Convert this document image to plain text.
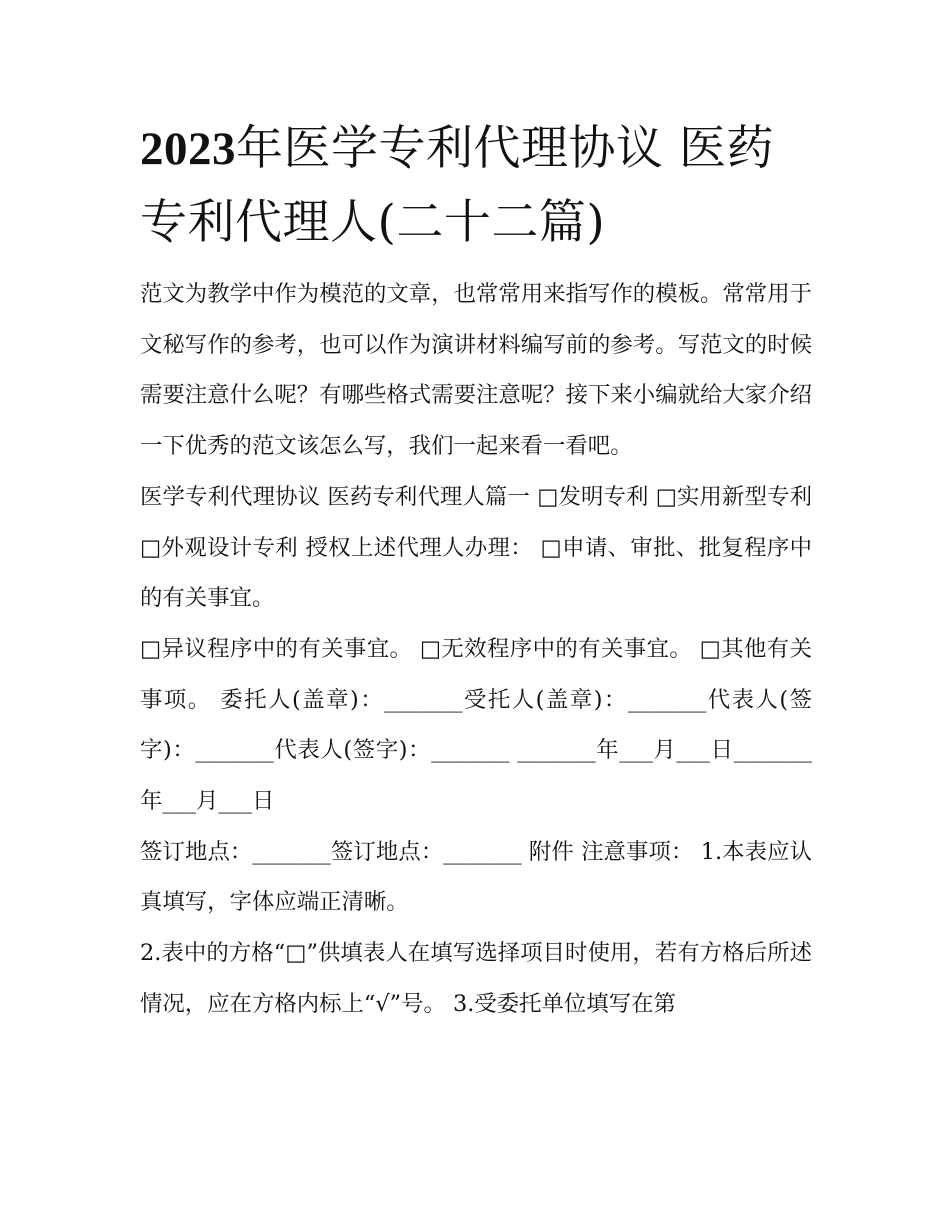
2023年医学专利代理协议 医药专利代理人(二十二篇)

范文为教学中作为模范的文章，也常常用来指写作的模板。常常用于文秘写作的参考，也可以作为演讲材料编写前的参考。写范文的时候需要注意什么呢？有哪些格式需要注意呢？接下来小编就给大家介绍一下优秀的范文该怎么写，我们一起来看一看吧。

医学专利代理协议 医药专利代理人篇一 □发明专利 □实用新型专利 □外观设计专利 授权上述代理人办理： □申请、审批、批复程序中的有关事宜。

□异议程序中的有关事宜。 □无效程序中的有关事宜。 □其他有关事项。 委托人(盖章)：_______受托人(盖章)：_______代表人(签字)：_______代表人(签字)：_______ _______年___月___日_______年___月___日

签订地点：_______签订地点：_______ 附件 注意事项： 1.本表应认真填写，字体应端正清晰。

2.表中的方格“□”供填表人在填写选择项目时使用，若有方格后所述情况，应在方格内标上“√”号。 3.受委托单位填写在第
